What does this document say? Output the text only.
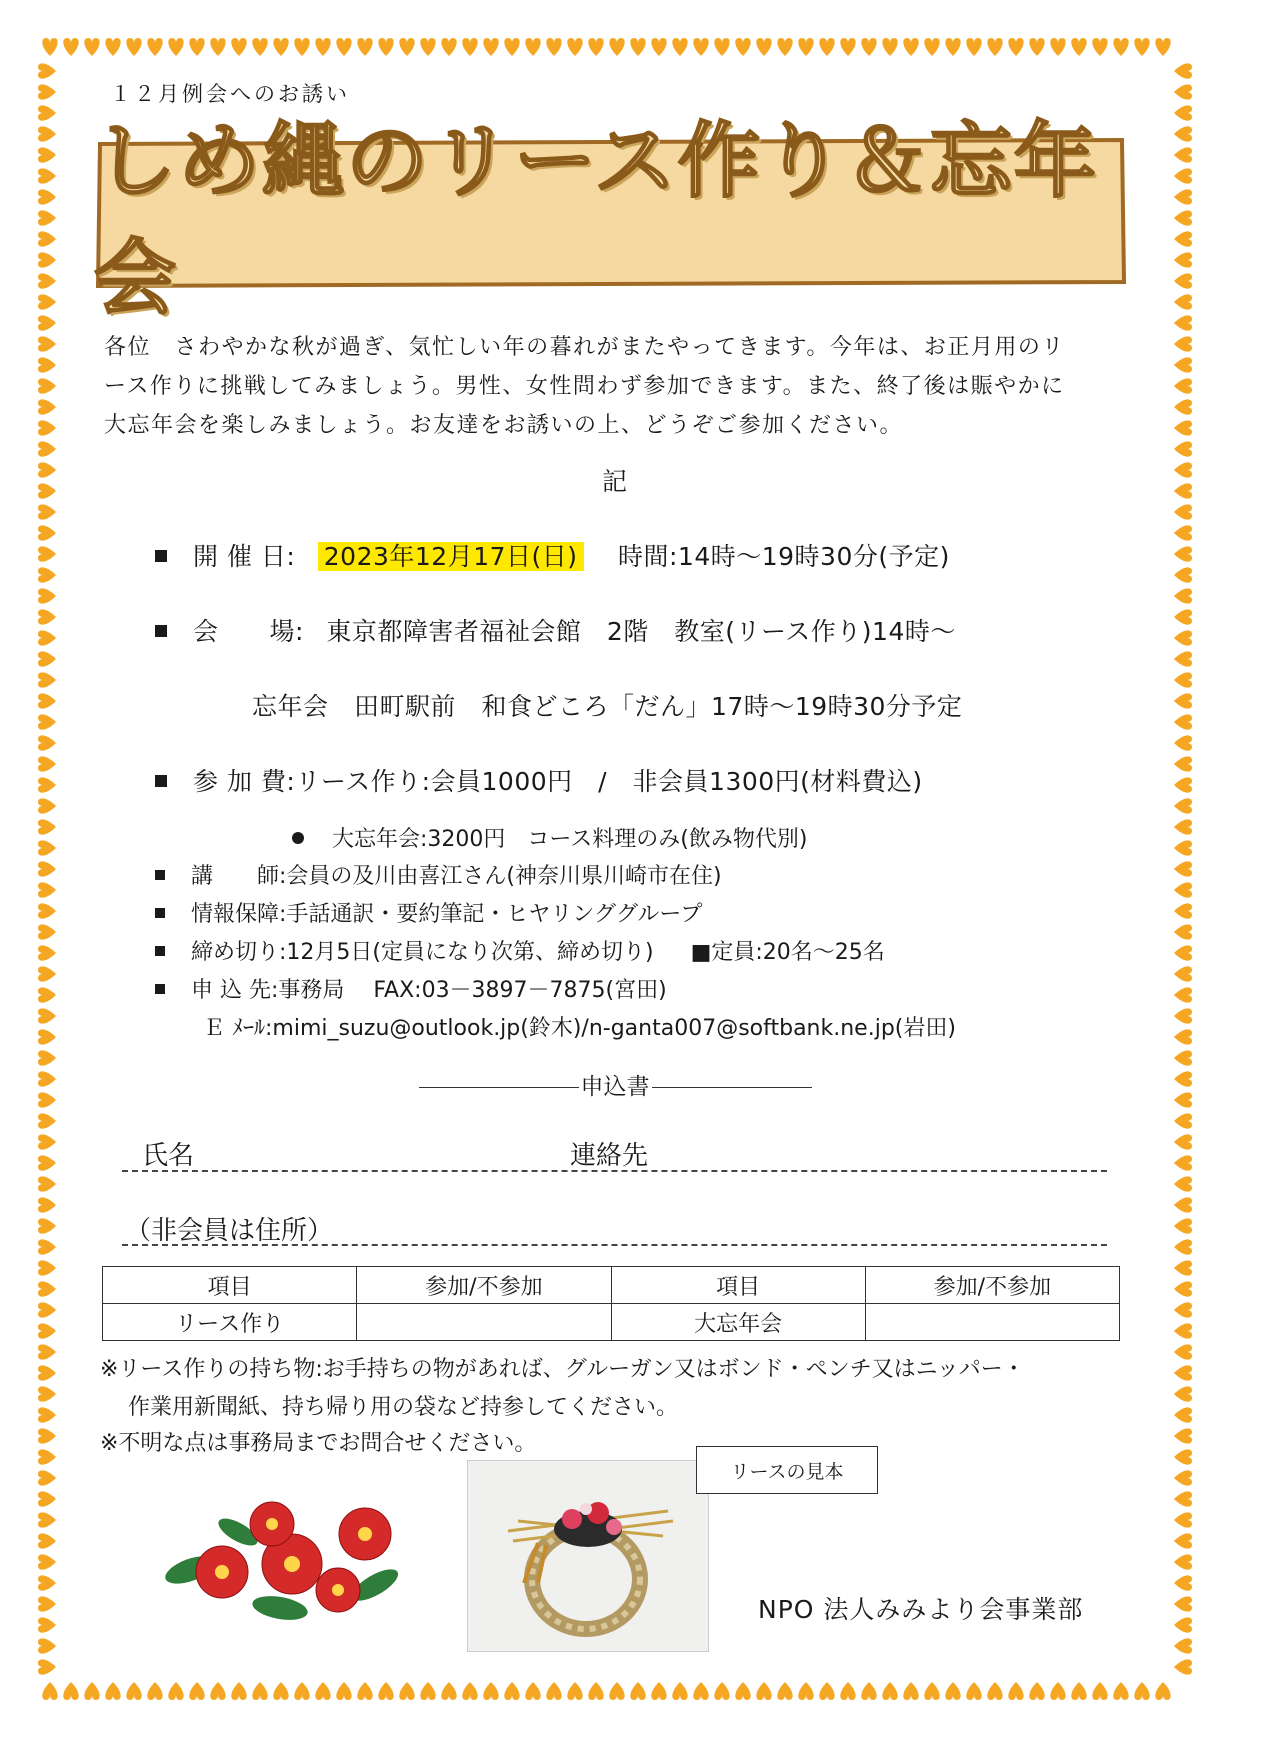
１２月例会へのお誘い
しめ縄のリース作り＆忘年会
各位　さわやかな秋が過ぎ、気忙しい年の暮れがまたやってきます。今年は、お正月用のリ
ース作りに挑戦してみましょう。男性、女性問わず参加できます。また、終了後は賑やかに
大忘年会を楽しみましょう。お友達をお誘いの上、どうぞご参加ください。
記
開 催 日: 2023年12月17日(日) 時間:14時～19時30分(予定)
会　　場: 東京都障害者福祉会館　2階　教室(リース作り)14時～
忘年会　田町駅前　和食どころ「だん」17時～19時30分予定
参 加 費:リース作り:会員1000円　/　非会員1300円(材料費込)
大忘年会:3200円　コース料理のみ(飲み物代別)
講　　師:会員の及川由喜江さん(神奈川県川崎市在住)
情報保障:手話通訳・要約筆記・ヒヤリンググループ
締め切り:12月5日(定員になり次第、締め切り) ■定員:20名～25名
申 込 先:事務局　 FAX:03－3897－7875(宮田)
Ｅ ﾒｰﾙ:mimi_suzu@outlook.jp(鈴木)/n-ganta007@softbank.ne.jp(岩田)
申込書
氏名	連絡先
（非会員は住所）
項目	参加/不参加	項目	参加/不参加
リース作り		大忘年会	
※リース作りの持ち物:お手持ちの物があれば、グルーガン又はボンド・ペンチ又はニッパー・
作業用新聞紙、持ち帰り用の袋など持参してください。
※不明な点は事務局までお問合せください。
リースの見本
NPO 法人みみより会事業部
